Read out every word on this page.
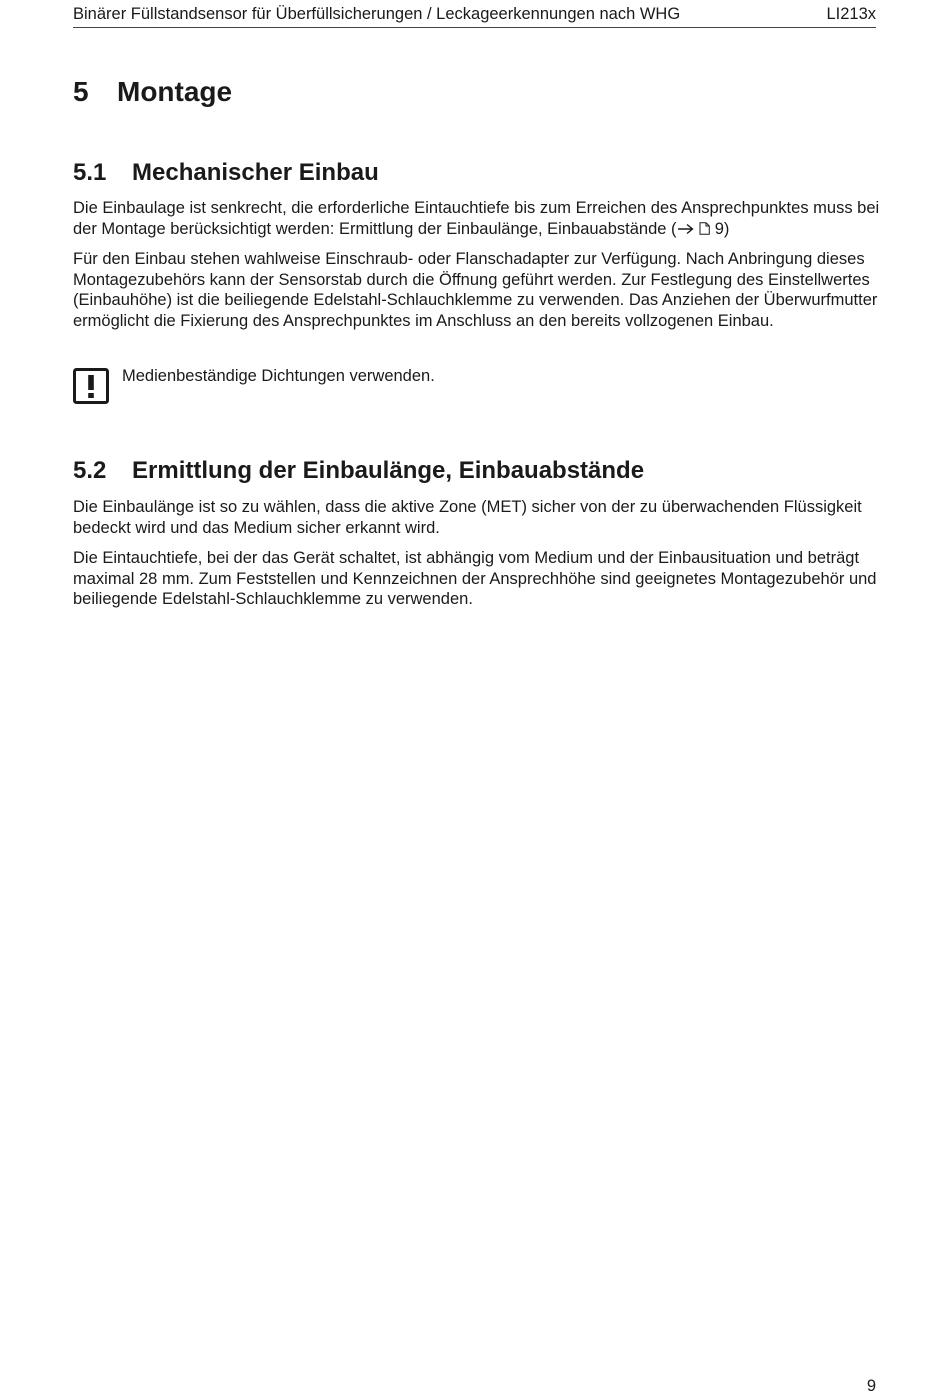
Binärer Füllstandsensor für Überfüllsicherungen / Leckageerkennungen nach WHG	LI213x
5 Montage
5.1 Mechanischer Einbau

Die Einbaulage ist senkrecht, die erforderliche Eintauchtiefe bis zum Erreichen des Ansprechpunktes muss bei der Montage berücksichtigt werden: Ermittlung der Einbaulänge, Einbauabstände ( 9)

Für den Einbau stehen wahlweise Einschraub- oder Flanschadapter zur Verfügung. Nach Anbringung dieses Montagezubehörs kann der Sensorstab durch die Öffnung geführt werden. Zur Festlegung des Einstellwertes (Einbauhöhe) ist die beiliegende Edelstahl-Schlauchklemme zu verwenden. Das Anziehen der Überwurfmutter ermöglicht die Fixierung des Ansprechpunktes im Anschluss an den bereits vollzogenen Einbau.

Medienbeständige Dichtungen verwenden.
5.2 Ermittlung der Einbaulänge, Einbauabstände

Die Einbaulänge ist so zu wählen, dass die aktive Zone (MET) sicher von der zu überwachenden Flüssigkeit bedeckt wird und das Medium sicher erkannt wird.

Die Eintauchtiefe, bei der das Gerät schaltet, ist abhängig vom Medium und der Einbausituation und beträgt maximal 28 mm. Zum Feststellen und Kennzeichnen der Ansprechhöhe sind geeignetes Montagezubehör und beiliegende Edelstahl-Schlauchklemme zu verwenden.

9
